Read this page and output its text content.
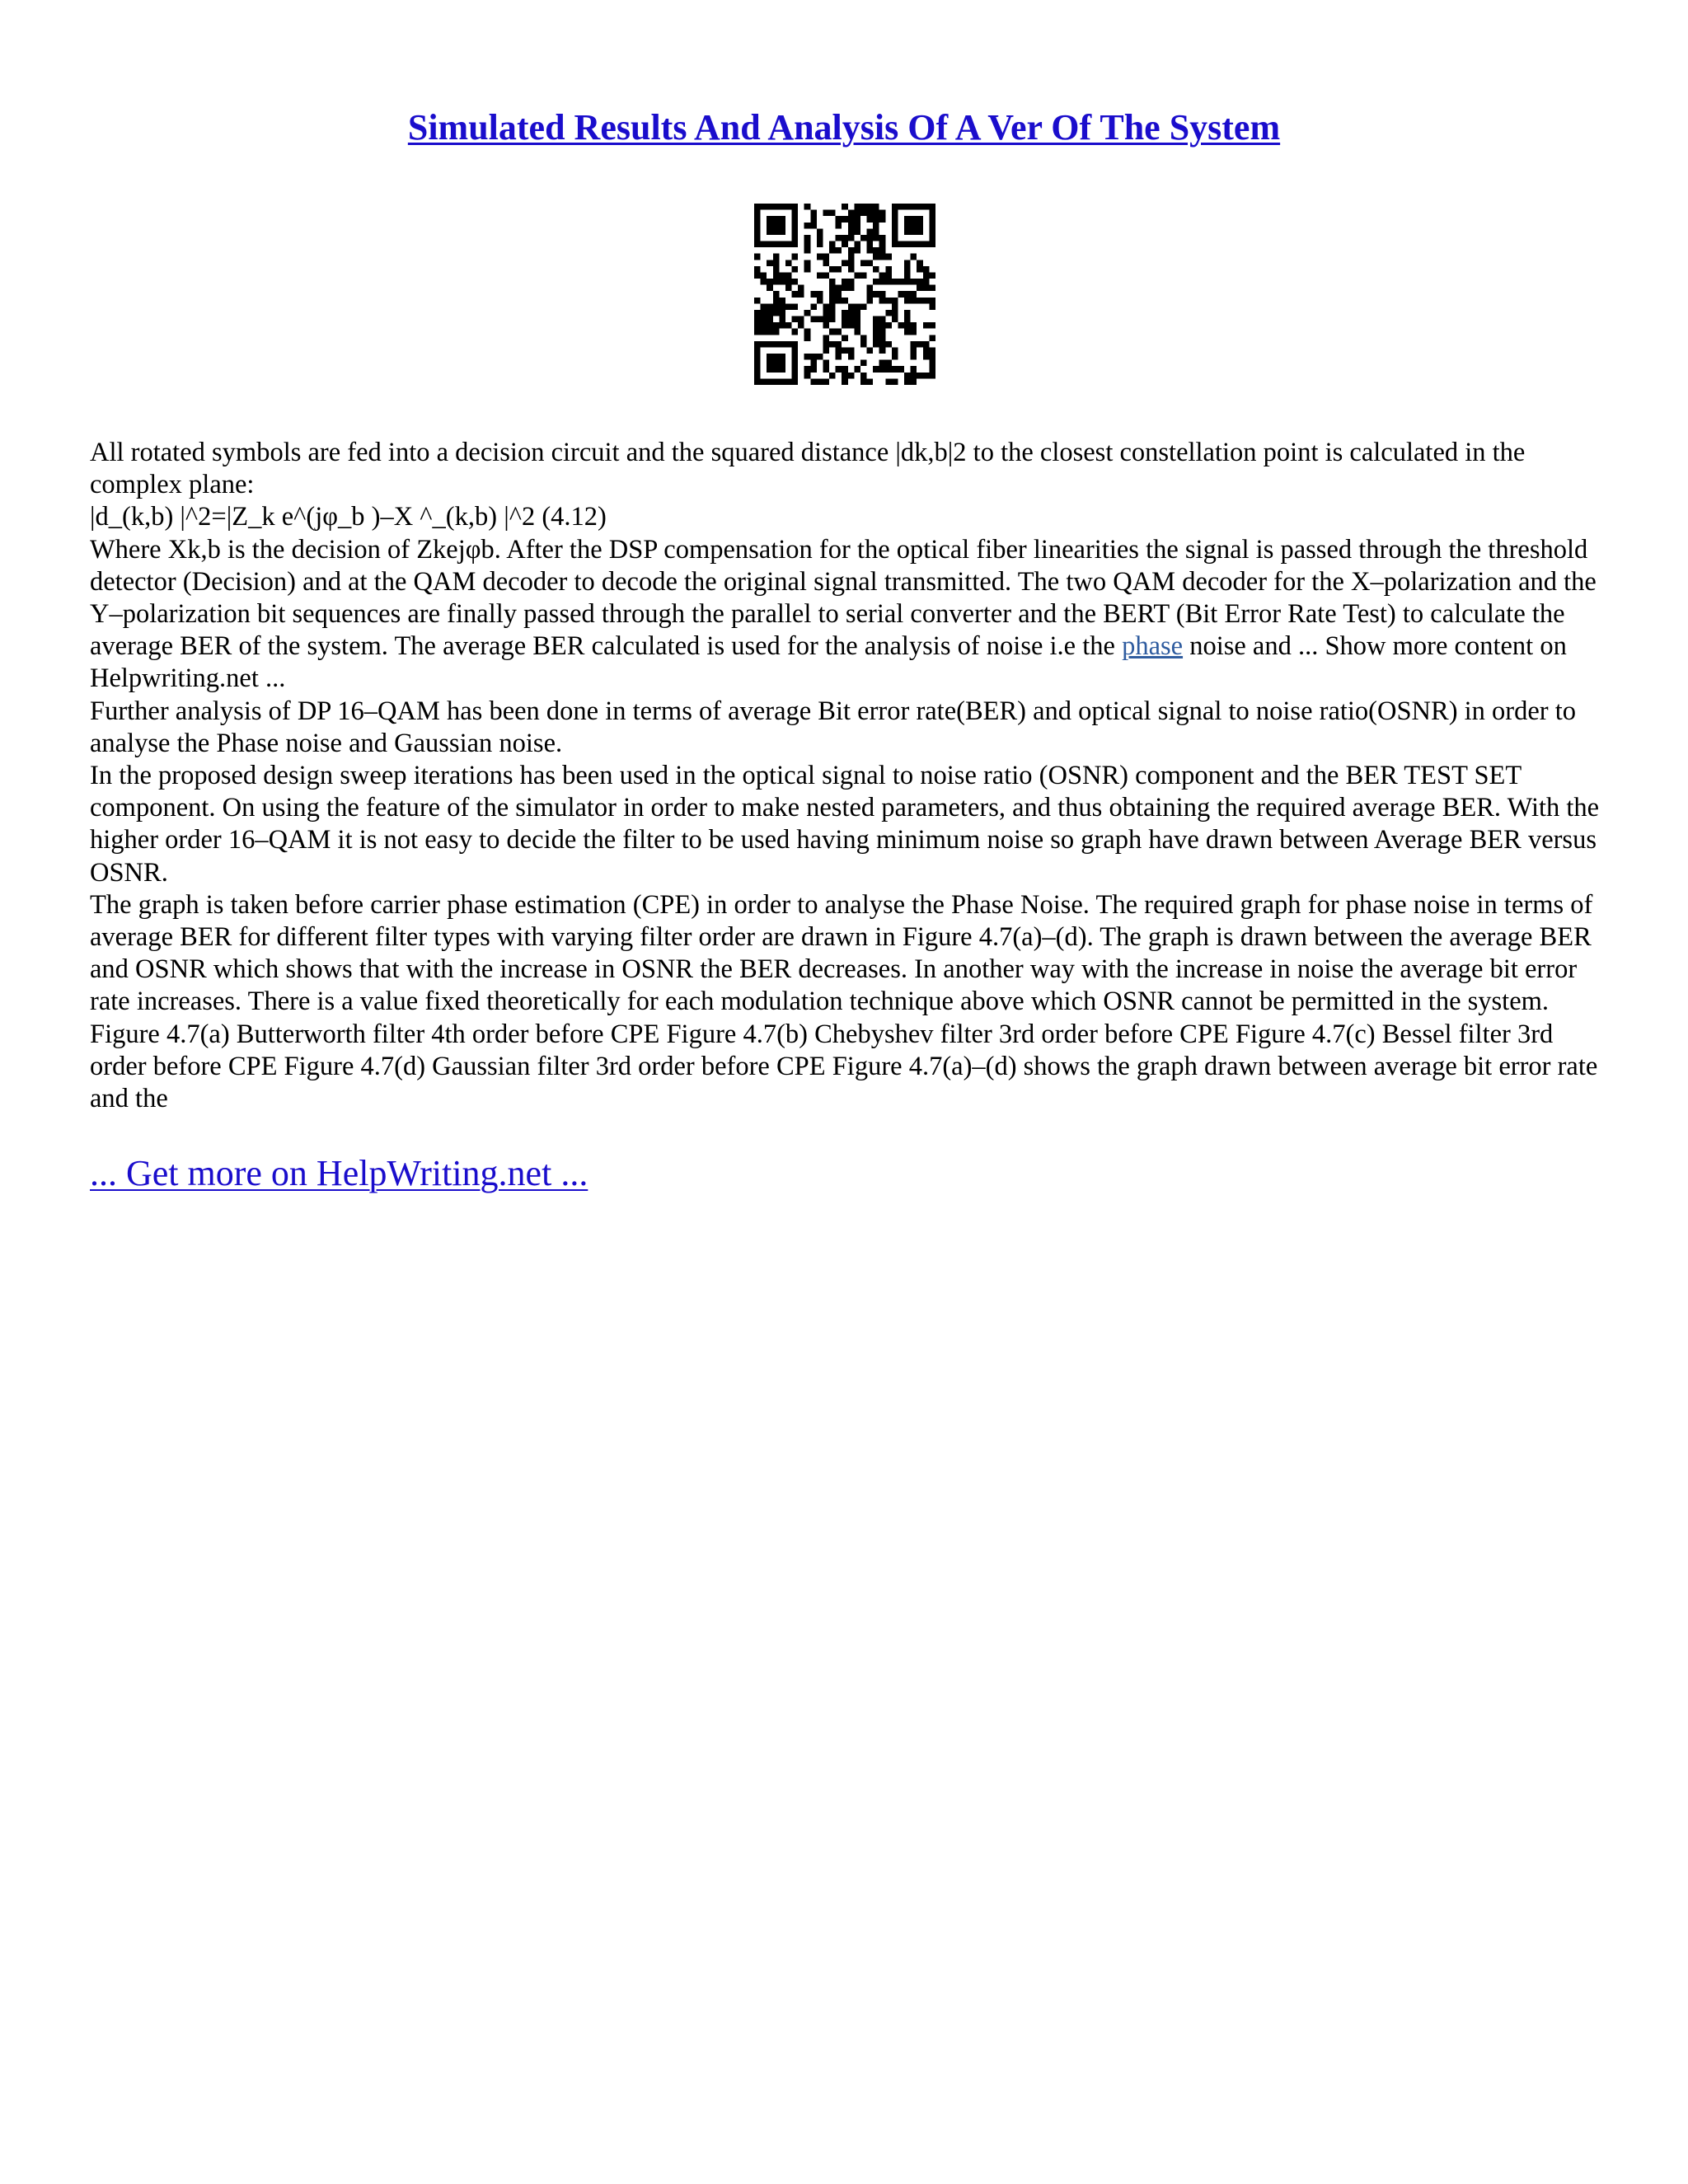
Simulated Results And Analysis Of A Ver Of The System

All rotated symbols are fed into a decision circuit and the squared distance |dk,b|2 to the closest constellation point is calculated in the complex plane:

|d_(k,b) |^2=|Z_k e^(jφ_b )–X ^_(k,b) |^2 (4.12)

Where Xk,b is the decision of Zkejφb. After the DSP compensation for the optical fiber linearities the signal is passed through the threshold detector (Decision) and at the QAM decoder to decode the original signal transmitted. The two QAM decoder for the X–polarization and the Y–polarization bit sequences are finally passed through the parallel to serial converter and the BERT (Bit Error Rate Test) to calculate the average BER of the system. The average BER calculated is used for the analysis of noise i.e the phase noise and ... Show more content on Helpwriting.net ...

Further analysis of DP 16–QAM has been done in terms of average Bit error rate(BER) and optical signal to noise ratio(OSNR) in order to analyse the Phase noise and Gaussian noise.

In the proposed design sweep iterations has been used in the optical signal to noise ratio (OSNR) component and the BER TEST SET component. On using the feature of the simulator in order to make nested parameters, and thus obtaining the required average BER. With the higher order 16–QAM it is not easy to decide the filter to be used having minimum noise so graph have drawn between Average BER versus OSNR.

The graph is taken before carrier phase estimation (CPE) in order to analyse the Phase Noise. The required graph for phase noise in terms of average BER for different filter types with varying filter order are drawn in Figure 4.7(a)–(d). The graph is drawn between the average BER and OSNR which shows that with the increase in OSNR the BER decreases. In another way with the increase in noise the average bit error rate increases. There is a value fixed theoretically for each modulation technique above which OSNR cannot be permitted in the system. Figure 4.7(a) Butterworth filter 4th order before CPE Figure 4.7(b) Chebyshev filter 3rd order before CPE Figure 4.7(c) Bessel filter 3rd order before CPE Figure 4.7(d) Gaussian filter 3rd order before CPE Figure 4.7(a)–(d) shows the graph drawn between average bit error rate and the

... Get more on HelpWriting.net ...
